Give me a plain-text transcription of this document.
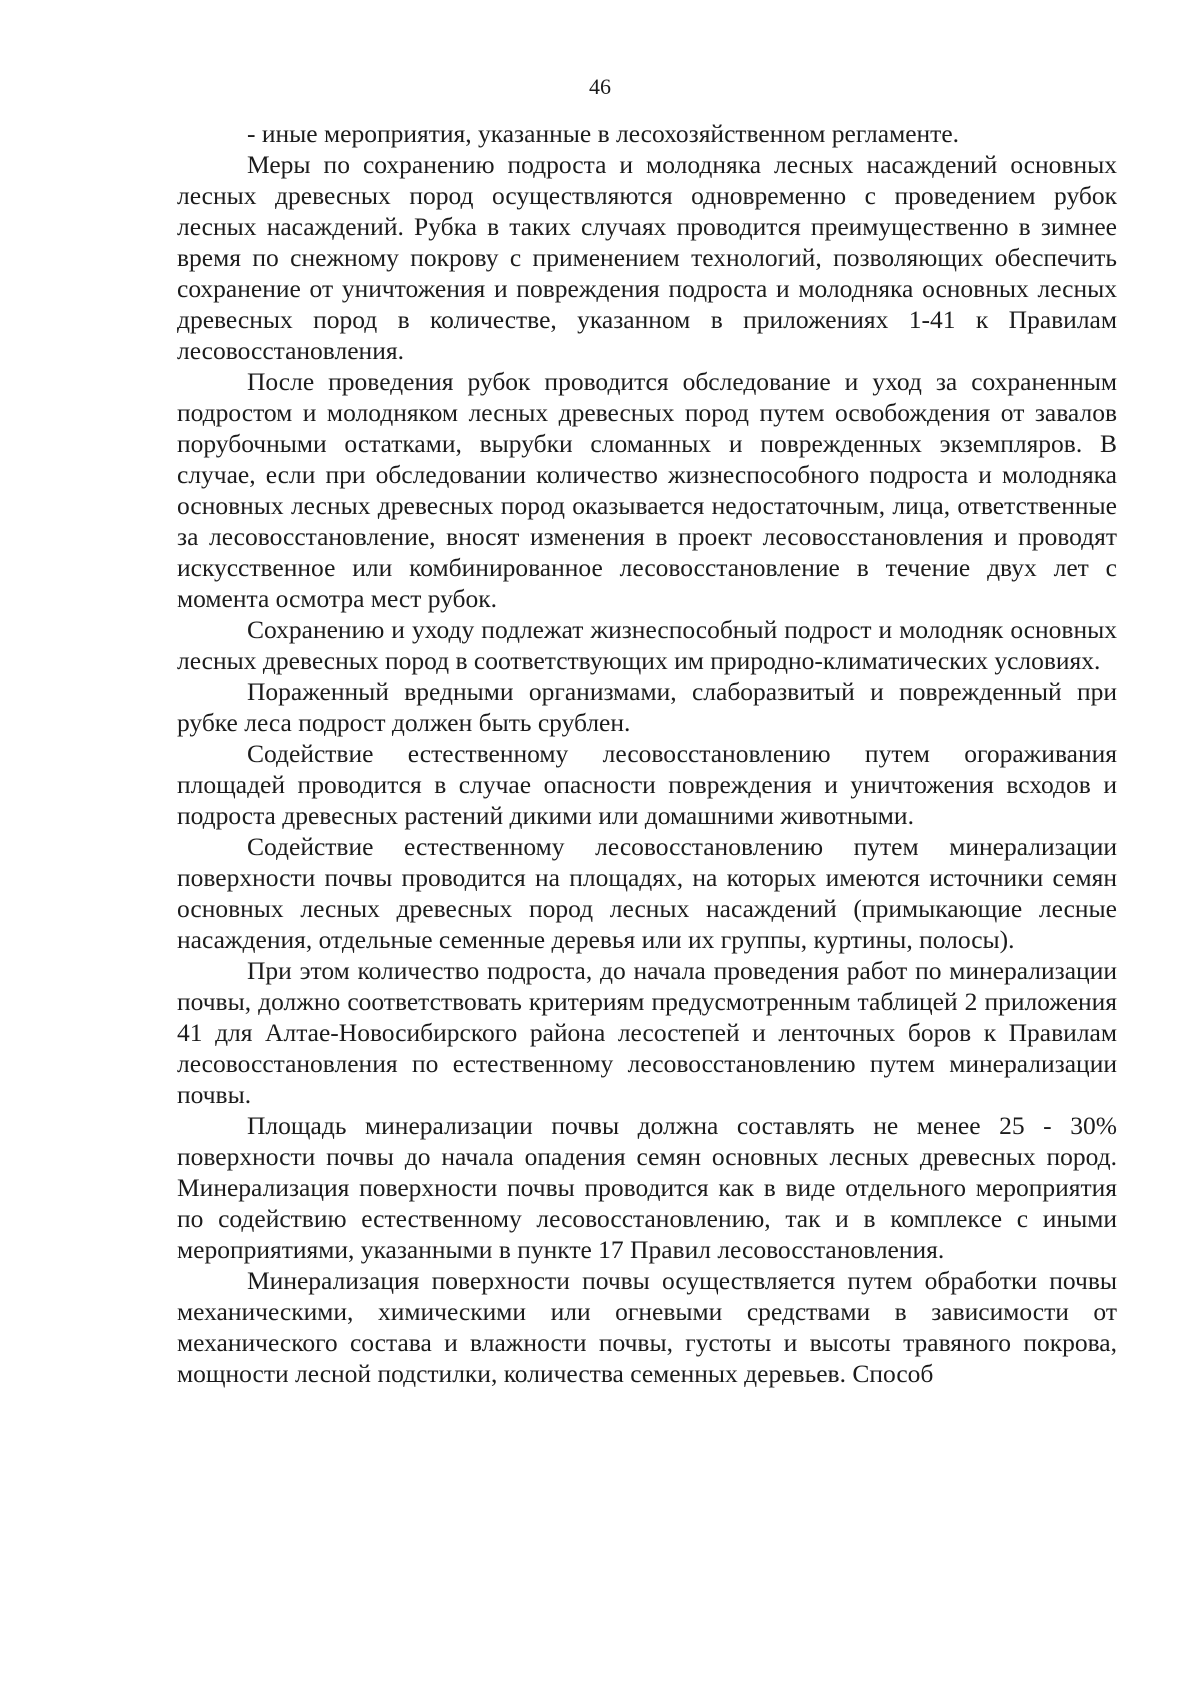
46

- иные мероприятия, указанные в лесохозяйственном регламенте.

Меры по сохранению подроста и молодняка лесных насаждений основных лесных древесных пород осуществляются одновременно с проведением рубок лесных насаждений. Рубка в таких случаях проводится преимущественно в зимнее время по снежному покрову с применением технологий, позволяющих обеспечить сохранение от уничтожения и повреждения подроста и молодняка основных лесных древесных пород в количестве, указанном в приложениях 1-41 к Правилам лесовосстановления.

После проведения рубок проводится обследование и уход за сохраненным подростом и молодняком лесных древесных пород путем освобождения от завалов порубочными остатками, вырубки сломанных и поврежденных экземпляров. В случае, если при обследовании количество жизнеспособного подроста и молодняка основных лесных древесных пород оказывается недостаточным, лица, ответственные за лесовосстановление, вносят изменения в проект лесовосстановления и проводят искусственное или комбинированное лесовосстановление в течение двух лет с момента осмотра мест рубок.

Сохранению и уходу подлежат жизнеспособный подрост и молодняк основных лесных древесных пород в соответствующих им природно-климатических условиях.

Пораженный вредными организмами, слаборазвитый и поврежденный при рубке леса подрост должен быть срублен.

Содействие естественному лесовосстановлению путем огораживания площадей проводится в случае опасности повреждения и уничтожения всходов и подроста древесных растений дикими или домашними животными.

Содействие естественному лесовосстановлению путем минерализации поверхности почвы проводится на площадях, на которых имеются источники семян основных лесных древесных пород лесных насаждений (примыкающие лесные насаждения, отдельные семенные деревья или их группы, куртины, полосы).

При этом количество подроста, до начала проведения работ по минерализации почвы, должно соответствовать критериям предусмотренным таблицей 2 приложения 41 для Алтае-Новосибирского района лесостепей и ленточных боров к Правилам лесовосстановления по естественному лесовосстановлению путем минерализации почвы.

Площадь минерализации почвы должна составлять не менее 25 - 30% поверхности почвы до начала опадения семян основных лесных древесных пород. Минерализация поверхности почвы проводится как в виде отдельного мероприятия по содействию естественному лесовосстановлению, так и в комплексе с иными мероприятиями, указанными в пункте 17 Правил лесовосстановления.

Минерализация поверхности почвы осуществляется путем обработки почвы механическими, химическими или огневыми средствами в зависимости от механического состава и влажности почвы, густоты и высоты травяного покрова, мощности лесной подстилки, количества семенных деревьев. Способ
